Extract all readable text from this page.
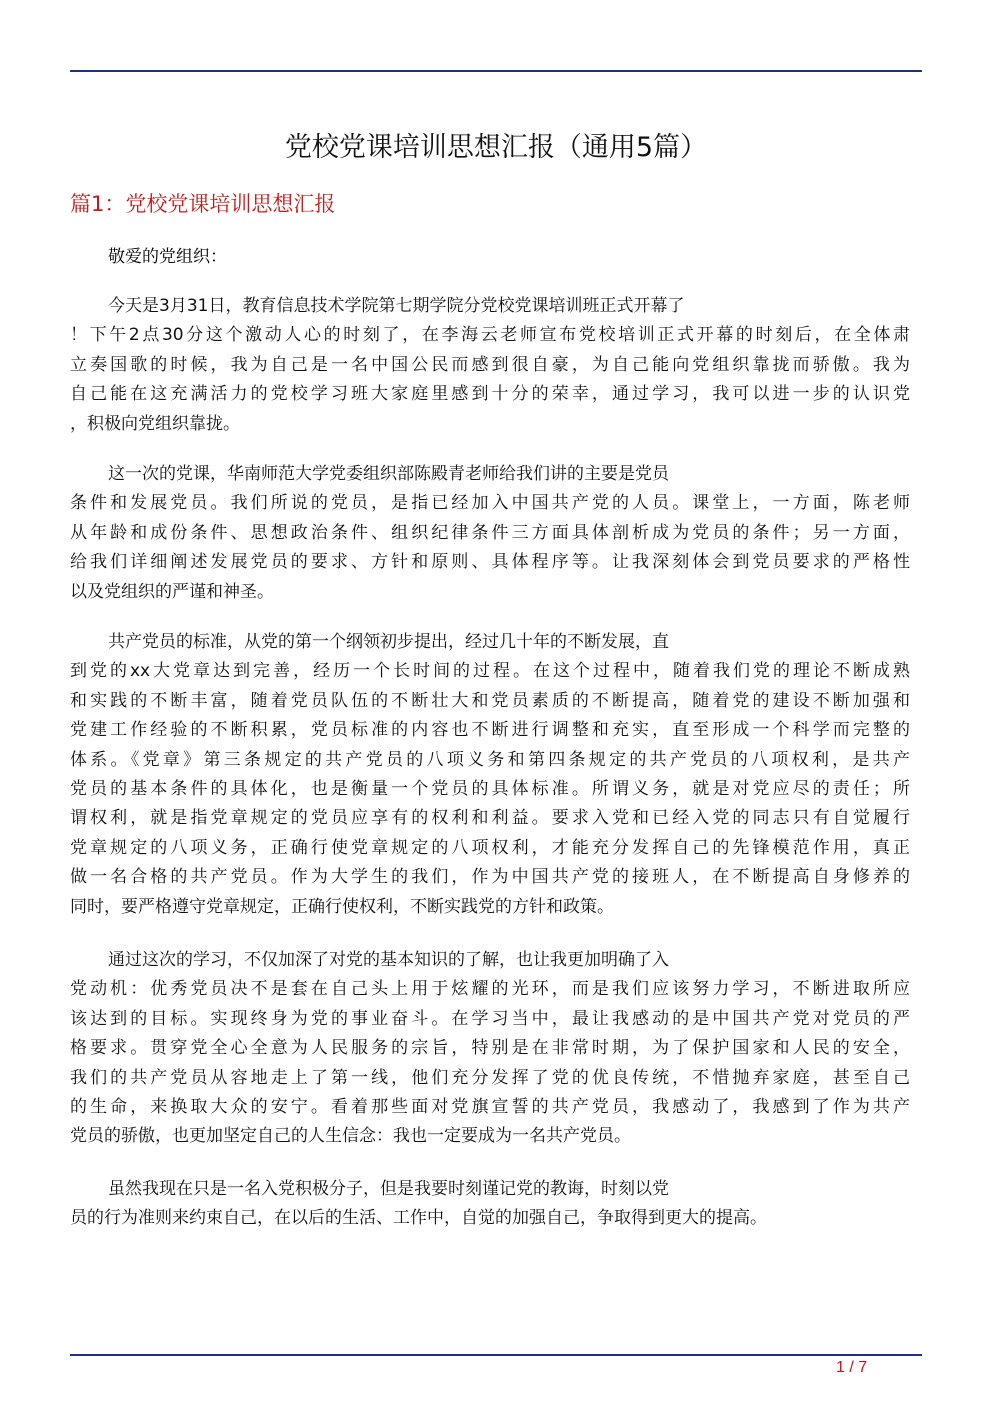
党校党课培训思想汇报（通用5篇）
篇1：党校党课培训思想汇报

敬爱的党组织：

今天是3月31日，教育信息技术学院第七期学院分党校党课培训班正式开幕了
！下午2点30分这个激动人心的时刻了，在李海云老师宣布党校培训正式开幕的时刻后，在全体肃
立奏国歌的时候，我为自己是一名中国公民而感到很自豪，为自己能向党组织靠拢而骄傲。我为
自己能在这充满活力的党校学习班大家庭里感到十分的荣幸，通过学习，我可以进一步的认识党
，积极向党组织靠拢。
这一次的党课，华南师范大学党委组织部陈殿青老师给我们讲的主要是党员
条件和发展党员。我们所说的党员，是指已经加入中国共产党的人员。课堂上，一方面，陈老师
从年龄和成份条件、思想政治条件、组织纪律条件三方面具体剖析成为党员的条件；另一方面，
给我们详细阐述发展党员的要求、方针和原则、具体程序等。让我深刻体会到党员要求的严格性
以及党组织的严谨和神圣。
共产党员的标准，从党的第一个纲领初步提出，经过几十年的不断发展，直
到党的xx大党章达到完善，经历一个长时间的过程。在这个过程中，随着我们党的理论不断成熟
和实践的不断丰富，随着党员队伍的不断壮大和党员素质的不断提高，随着党的建设不断加强和
党建工作经验的不断积累，党员标准的内容也不断进行调整和充实，直至形成一个科学而完整的
体系。《党章》第三条规定的共产党员的八项义务和第四条规定的共产党员的八项权利，是共产
党员的基本条件的具体化，也是衡量一个党员的具体标准。所谓义务，就是对党应尽的责任；所
谓权利，就是指党章规定的党员应享有的权利和利益。要求入党和已经入党的同志只有自觉履行
党章规定的八项义务，正确行使党章规定的八项权利，才能充分发挥自己的先锋模范作用，真正
做一名合格的共产党员。作为大学生的我们，作为中国共产党的接班人，在不断提高自身修养的
同时，要严格遵守党章规定，正确行使权利，不断实践党的方针和政策。
通过这次的学习，不仅加深了对党的基本知识的了解，也让我更加明确了入
党动机：优秀党员决不是套在自己头上用于炫耀的光环，而是我们应该努力学习，不断进取所应
该达到的目标。实现终身为党的事业奋斗。在学习当中，最让我感动的是中国共产党对党员的严
格要求。贯穿党全心全意为人民服务的宗旨，特别是在非常时期，为了保护国家和人民的安全，
我们的共产党员从容地走上了第一线，他们充分发挥了党的优良传统，不惜抛弃家庭，甚至自己
的生命，来换取大众的安宁。看着那些面对党旗宣誓的共产党员，我感动了，我感到了作为共产
党员的骄傲，也更加坚定自己的人生信念：我也一定要成为一名共产党员。
虽然我现在只是一名入党积极分子，但是我要时刻谨记党的教诲，时刻以党
员的行为准则来约束自己，在以后的生活、工作中，自觉的加强自己，争取得到更大的提高。
1 / 7
